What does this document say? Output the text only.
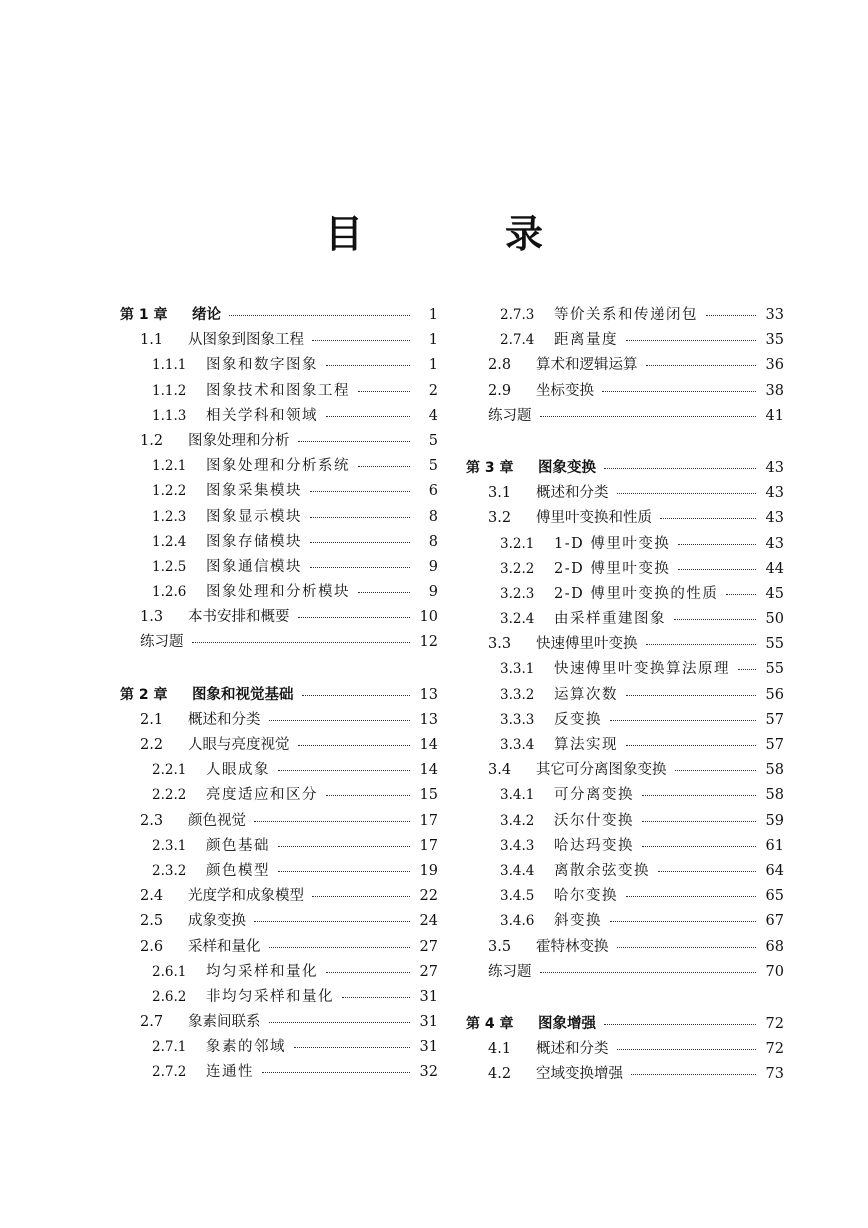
目　录
第 1 章	绪论	1
1.1	从图象到图象工程	1
1.1.1	图象和数字图象	1
1.1.2	图象技术和图象工程	2
1.1.3	相关学科和领域	4
1.2	图象处理和分析	5
1.2.1	图象处理和分析系统	5
1.2.2	图象采集模块	6
1.2.3	图象显示模块	8
1.2.4	图象存储模块	8
1.2.5	图象通信模块	9
1.2.6	图象处理和分析模块	9
1.3	本书安排和概要	10
练习题	12
第 2 章	图象和视觉基础	13
2.1	概述和分类	13
2.2	人眼与亮度视觉	14
2.2.1	人眼成象	14
2.2.2	亮度适应和区分	15
2.3	颜色视觉	17
2.3.1	颜色基础	17
2.3.2	颜色模型	19
2.4	光度学和成象模型	22
2.5	成象变换	24
2.6	采样和量化	27
2.6.1	均匀采样和量化	27
2.6.2	非均匀采样和量化	31
2.7	象素间联系	31
2.7.1	象素的邻域	31
2.7.2	连通性	32
2.7.3	等价关系和传递闭包	33
2.7.4	距离量度	35
2.8	算术和逻辑运算	36
2.9	坐标变换	38
练习题	41
第 3 章	图象变换	43
3.1	概述和分类	43
3.2	傅里叶变换和性质	43
3.2.1	1-D 傅里叶变换	43
3.2.2	2-D 傅里叶变换	44
3.2.3	2-D 傅里叶变换的性质	45
3.2.4	由采样重建图象	50
3.3	快速傅里叶变换	55
3.3.1	快速傅里叶变换算法原理 55
3.3.2	运算次数	56
3.3.3	反变换	57
3.3.4	算法实现	57
3.4	其它可分离图象变换	58
3.4.1	可分离变换	58
3.4.2	沃尔什变换	59
3.4.3	哈达玛变换	61
3.4.4	离散余弦变换	64
3.4.5	哈尔变换	65
3.4.6	斜变换	67
3.5	霍特林变换	68
练习题	70
第 4 章	图象增强	72
4.1	概述和分类	72
4.2	空域变换增强	73
